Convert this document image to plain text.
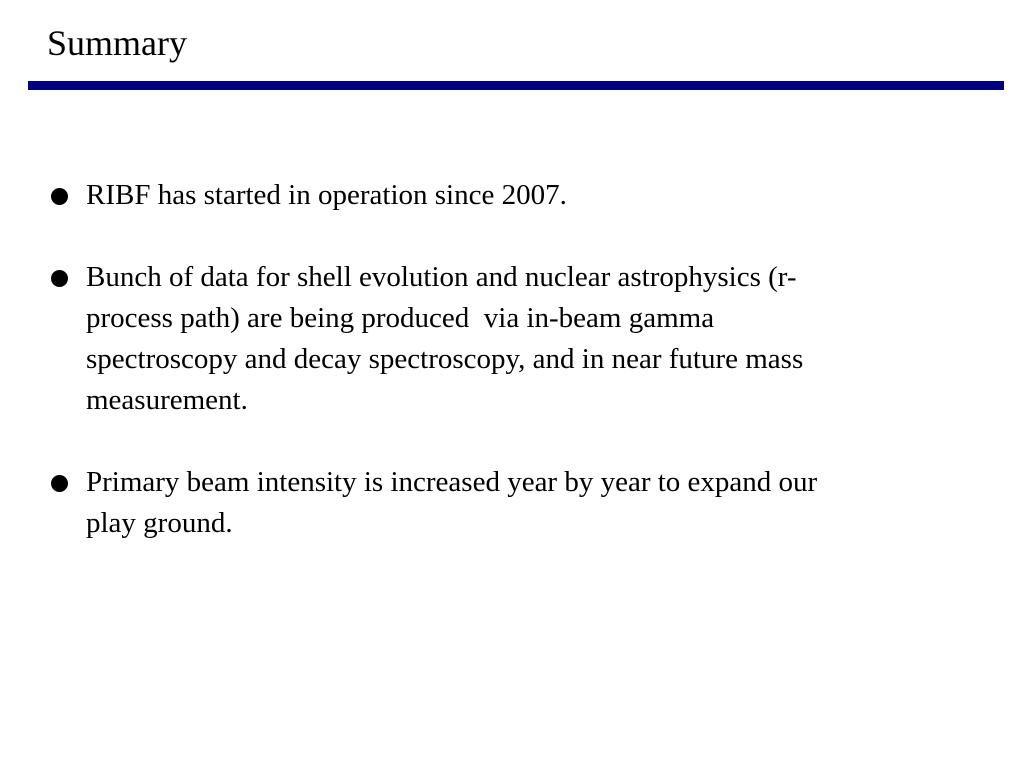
Summary
RIBF has started in operation since 2007.
Bunch of data for shell evolution and nuclear astrophysics (r-
process path) are being produced  via in-beam gamma
spectroscopy and decay spectroscopy, and in near future mass
measurement.
Primary beam intensity is increased year by year to expand our
play ground.
